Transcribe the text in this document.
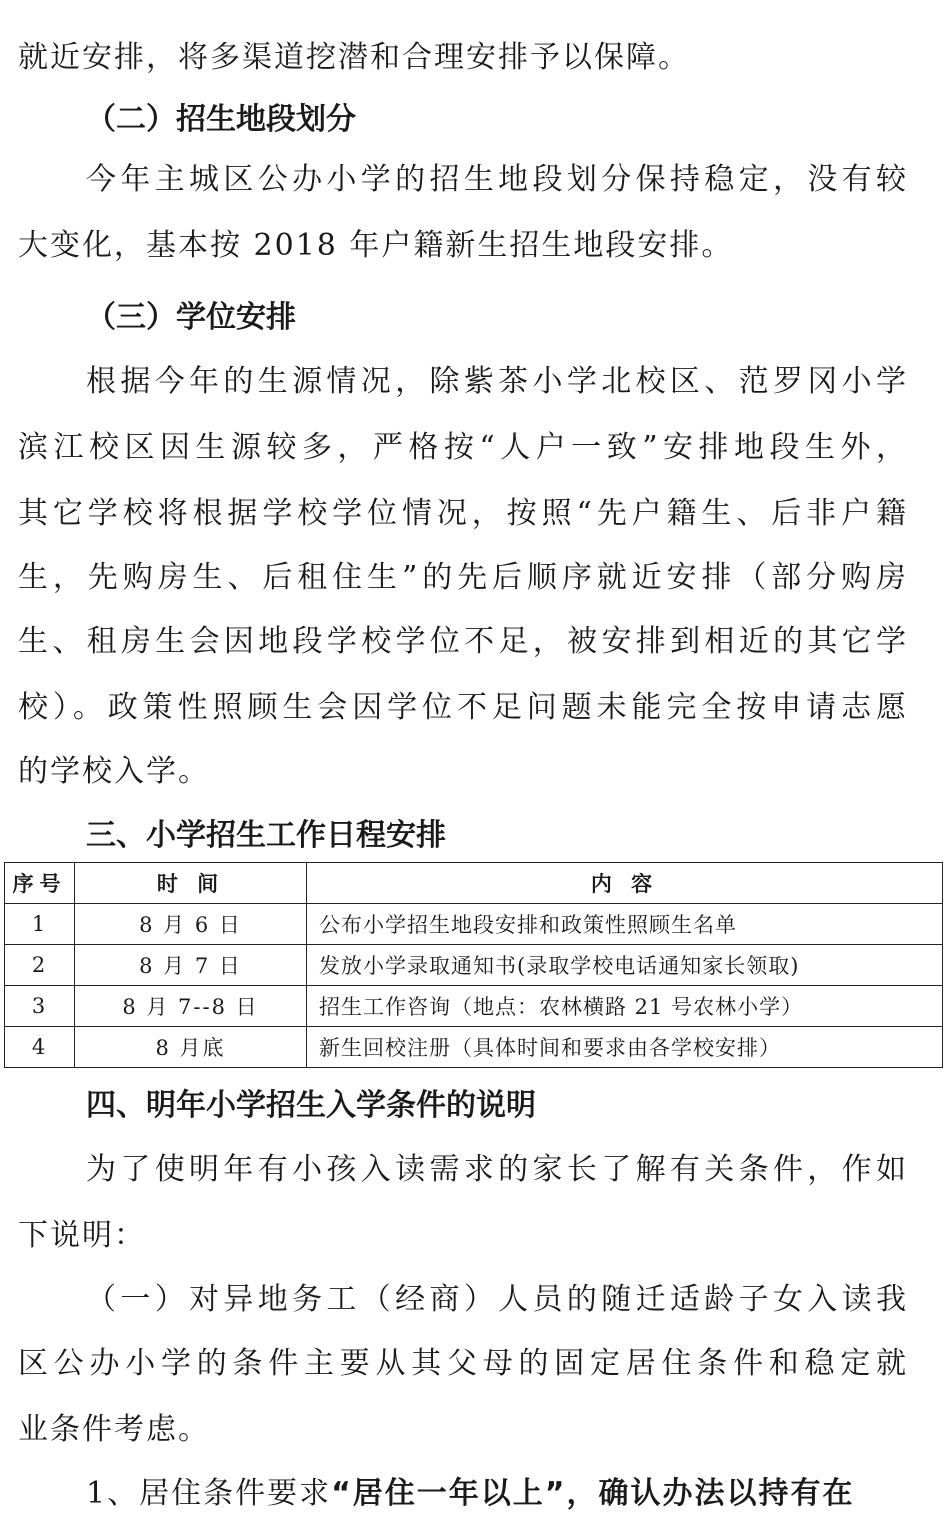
就近安排，将多渠道挖潜和合理安排予以保障。
（二）招生地段划分
今年主城区公办小学的招生地段划分保持稳定，没有较
大变化，基本按 2018 年户籍新生招生地段安排。
（三）学位安排
根据今年的生源情况，除紫茶小学北校区、范罗冈小学
滨江校区因生源较多，严格按“人户一致”安排地段生外，
其它学校将根据学校学位情况，按照“先户籍生、后非户籍
生，先购房生、后租住生”的先后顺序就近安排（部分购房
生、租房生会因地段学校学位不足，被安排到相近的其它学
校）。政策性照顾生会因学位不足问题未能完全按申请志愿
的学校入学。
三、小学招生工作日程安排
序号	时 间	内 容
1	8 月 6 日	公布小学招生地段安排和政策性照顾生名单
2	8 月 7 日	发放小学录取通知书(录取学校电话通知家长领取)
3	8 月 7--8 日	招生工作咨询（地点：农林横路 21 号农林小学）
4	8 月底	新生回校注册（具体时间和要求由各学校安排）
四、明年小学招生入学条件的说明
为了使明年有小孩入读需求的家长了解有关条件，作如
下说明：
（一）对异地务工（经商）人员的随迁适龄子女入读我
区公办小学的条件主要从其父母的固定居住条件和稳定就
业条件考虑。
1、居住条件要求“居住一年以上”，确认办法以持有在
